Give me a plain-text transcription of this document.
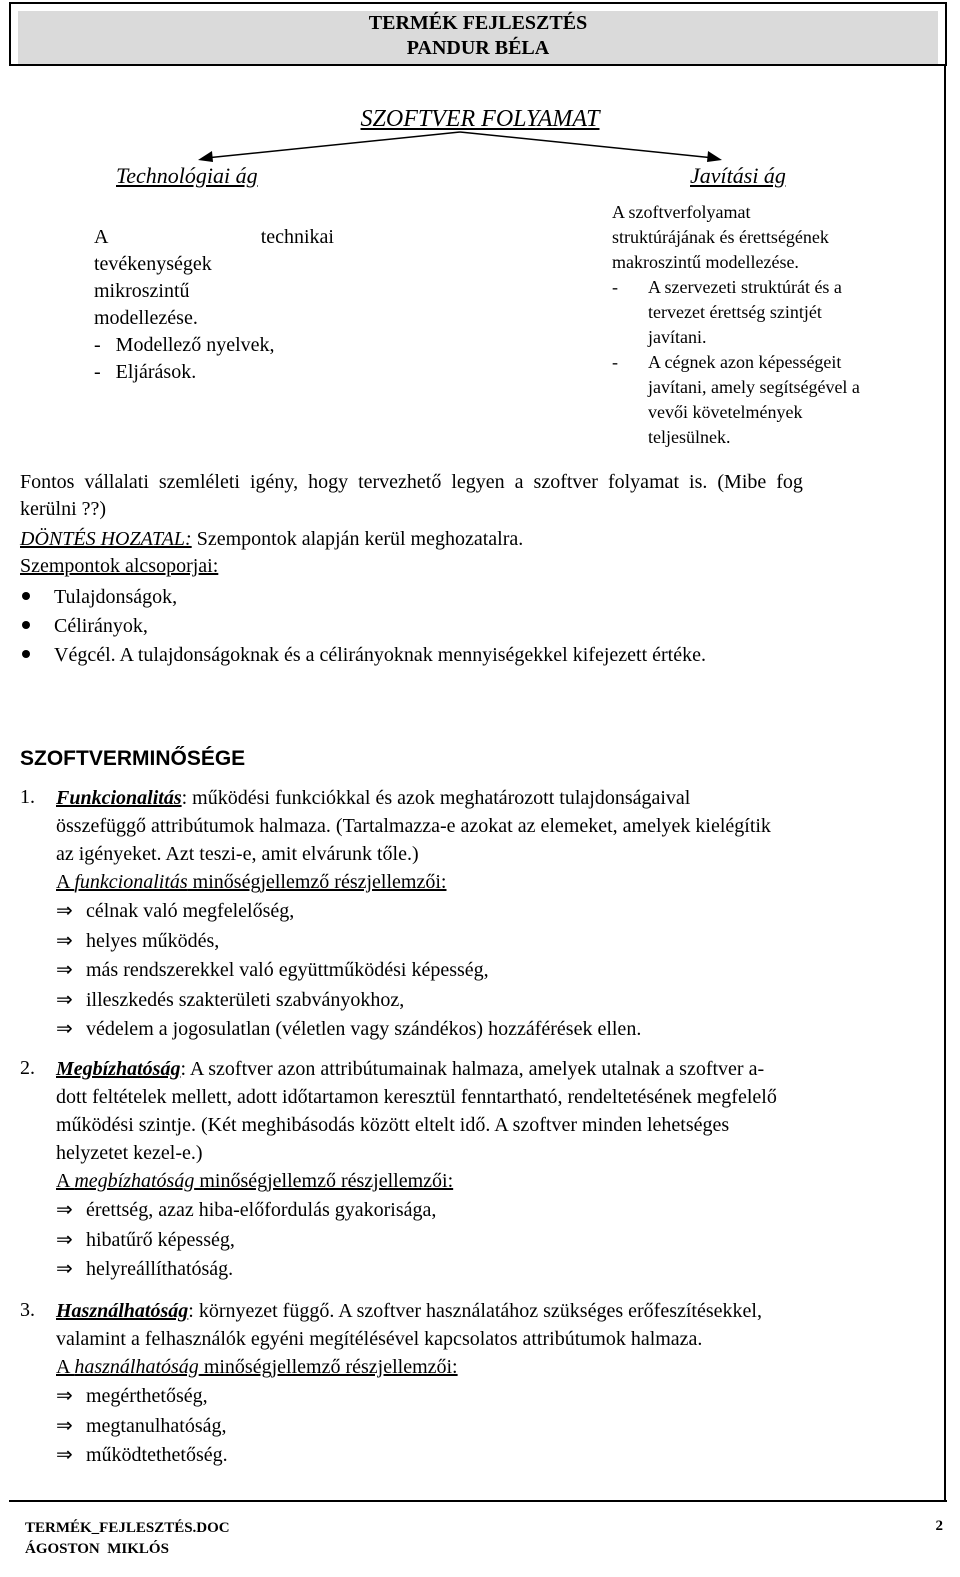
TERMÉK FEJLESZTÉS
PANDUR BÉLA
SZOFTVER FOLYAMAT
Technológiai ág	Javítási ág
A	technikai
tevékenységek
mikroszintű
modellezése.
-   Modellező nyelvek,
-   Eljárások.
A szoftverfolyamat
struktúrájának és érettségének
makroszintű modellezése.
-	A szervezeti struktúrát és a
tervezet érettség szintjét
javítani.
-	A cégnek azon képességeit
javítani, amely segítségével a
vevői követelmények
teljesülnek.
Fontos  vállalati  szemléleti  igény,  hogy  tervezhető  legyen  a  szoftver  folyamat  is.  (Mibe  fog
kerülni ??)
DÖNTÉS HOZATAL: Szempontok alapján kerül meghozatalra.
Szempontok alcsoporjai:
Tulajdonságok,
Célirányok,
Végcél. A tulajdonságoknak és a célirányoknak mennyiségekkel kifejezett értéke.
SZOFTVERMINŐSÉGE
1.	Funkcionalitás: működési funkciókkal és azok meghatározott tulajdonságaival
összefüggő attribútumok halmaza. (Tartalmazza-e azokat az elemeket, amelyek kielégítik
az igényeket. Azt teszi-e, amit elvárunk tőle.)
A funkcionalitás minőségjellemző részjellemzői:
⇒ célnak való megfelelőség,
⇒ helyes működés,
⇒ más rendszerekkel való együttműködési képesség,
⇒ illeszkedés szakterületi szabványokhoz,
⇒ védelem a jogosulatlan (véletlen vagy szándékos) hozzáférések ellen.
2.	Megbízhatóság: A szoftver azon attribútumainak halmaza, amelyek utalnak a szoftver a-
dott feltételek mellett, adott időtartamon keresztül fenntartható, rendeltetésének megfelelő
működési szintje. (Két meghibásodás között eltelt idő. A szoftver minden lehetséges
helyzetet kezel-e.)
A megbízhatóság minőségjellemző részjellemzői:
⇒ érettség, azaz hiba-előfordulás gyakorisága,
⇒ hibatűrő képesség,
⇒ helyreállíthatóság.
3.	Használhatóság: környezet függő. A szoftver használatához szükséges erőfeszítésekkel,
valamint a felhasználók egyéni megítélésével kapcsolatos attribútumok halmaza.
A használhatóság minőségjellemző részjellemzői:
⇒ megérthetőség,
⇒ megtanulhatóság,
⇒ működtethetőség.
TERMÉK_FEJLESZTÉS.DOC
ÁGOSTON  MIKLÓS
2
